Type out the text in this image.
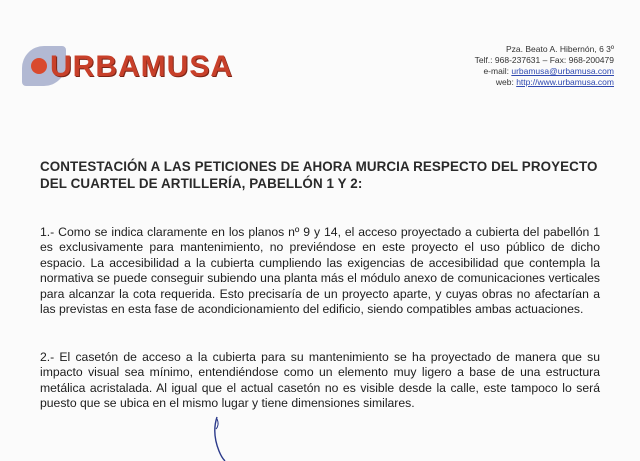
URBAMUSA
Pza. Beato A. Hibernón, 6 3º
Telf.: 968-237631 – Fax: 968-200479
e-mail: urbamusa@urbamusa.com
web: http://www.urbamusa.com
CONTESTACIÓN A LAS PETICIONES DE AHORA MURCIA RESPECTO DEL PROYECTO DEL CUARTEL DE ARTILLERÍA, PABELLÓN 1 Y 2:
1.- Como se indica claramente en los planos nº 9 y 14, el acceso proyectado a cubierta del pabellón 1 es exclusivamente para mantenimiento, no previéndose en este proyecto el uso público de dicho espacio. La accesibilidad a la cubierta cumpliendo las exigencias de accesibilidad que contempla la normativa se puede conseguir subiendo una planta más el módulo anexo de comunicaciones verticales para alcanzar la cota requerida. Esto precisaría de un proyecto aparte, y cuyas obras no afectarían a las previstas en esta fase de acondicionamiento del edificio, siendo compatibles ambas actuaciones.
2.- El casetón de acceso a la cubierta para su mantenimiento se ha proyectado de manera que su impacto visual sea mínimo, entendiéndose como un elemento muy ligero a base de una estructura metálica acristalada. Al igual que el actual casetón no es visible desde la calle, este tampoco lo será puesto que se ubica en el mismo lugar y tiene dimensiones similares.
